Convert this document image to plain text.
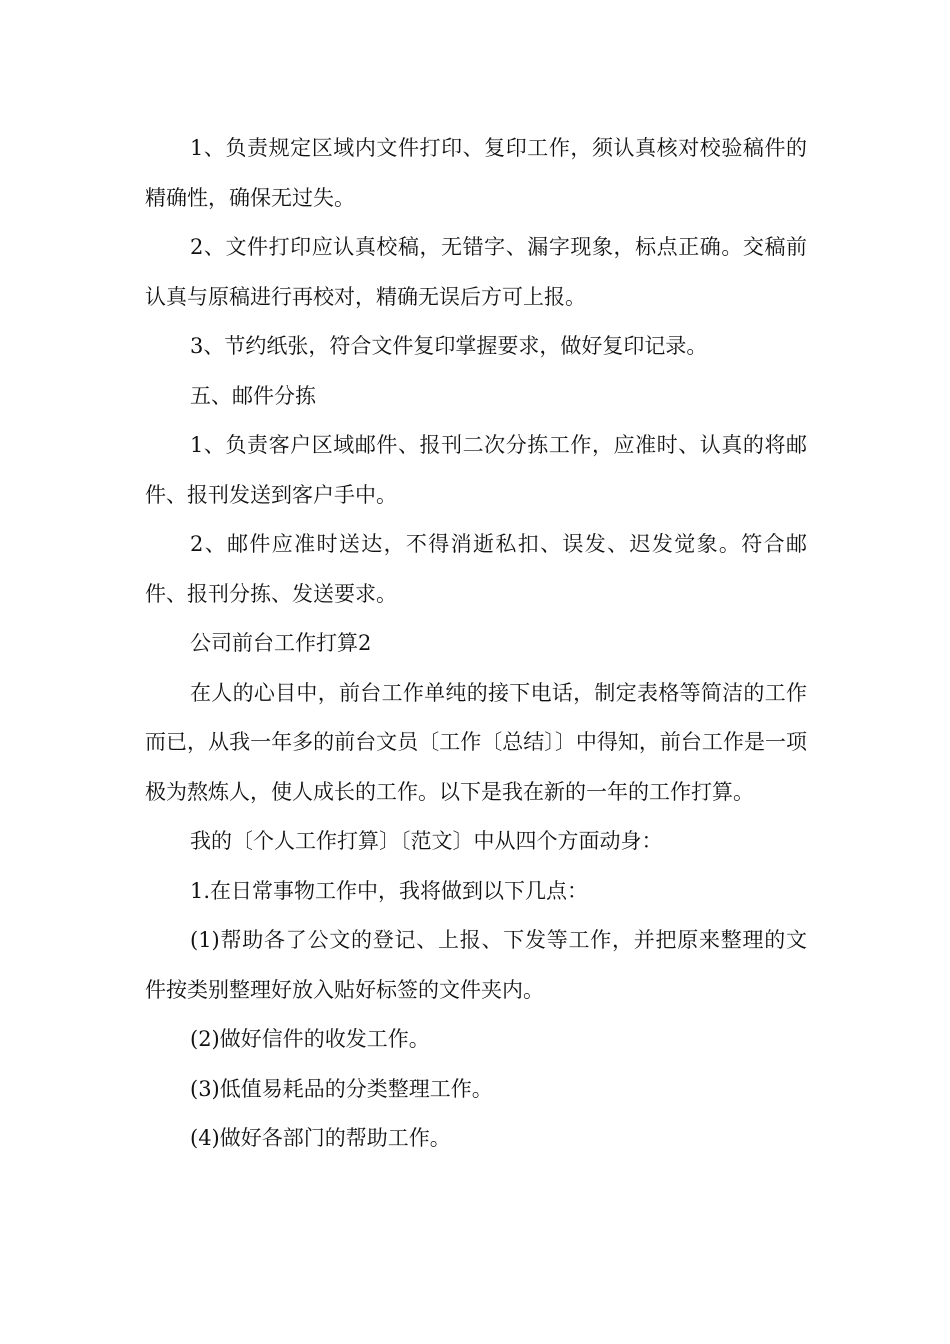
1、负责规定区域内文件打印、复印工作，须认真核对校验稿件的精确性，确保无过失。

2、文件打印应认真校稿，无错字、漏字现象，标点正确。交稿前认真与原稿进行再校对，精确无误后方可上报。

3、节约纸张，符合文件复印掌握要求，做好复印记录。

五、邮件分拣

1、负责客户区域邮件、报刊二次分拣工作，应准时、认真的将邮件、报刊发送到客户手中。

2、邮件应准时送达，不得消逝私扣、误发、迟发觉象。符合邮件、报刊分拣、发送要求。

公司前台工作打算2

在人的心目中，前台工作单纯的接下电话，制定表格等简洁的工作而已，从我一年多的前台文员〔工作〔总结〕〕中得知，前台工作是一项极为熬炼人，使人成长的工作。以下是我在新的一年的工作打算。

我的〔个人工作打算〕〔范文〕中从四个方面动身：

1.在日常事物工作中，我将做到以下几点：

(1)帮助各了公文的登记、上报、下发等工作，并把原来整理的文件按类别整理好放入贴好标签的文件夹内。

(2)做好信件的收发工作。

(3)低值易耗品的分类整理工作。

(4)做好各部门的帮助工作。
